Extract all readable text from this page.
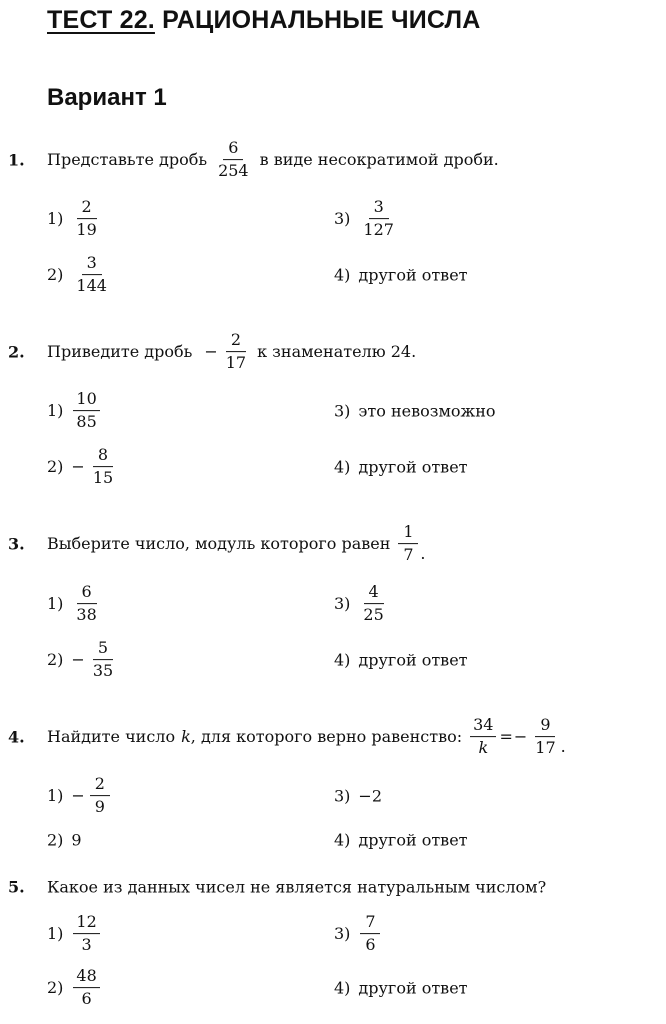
ТЕСТ 22. РАЦИОНАЛЬНЫЕ ЧИСЛА
Вариант 1
1. Представьте дробь $\frac{6}{254}$ в виде несократимой дроби.
$1) \frac{2}{19}$	$3) \frac{3}{127}$
$2) \frac{3}{144}$	4) другой ответ
2. Приведите дробь − $\frac{2}{17}$ к знаменателю 24.
$1) \frac{10}{85}$	3) это невозможно
$2) - \frac{8}{15}$	4) другой ответ
3. Выберите число, модуль которого равен $\frac{1}{7}$ .
$1) \frac{6}{38}$	$3) \frac{4}{25}$
$2) - \frac{5}{35}$	4) другой ответ
4. Найдите число k , для которого верно равенство: $\frac{34}{k}$ = − $\frac{9}{17}$ .
$1) - \frac{2}{9}$	3) −2
2) 9	4) другой ответ
5. Какое из данных чисел не является натуральным числом?
$1) \frac{12}{3}$	$3) \frac{7}{6}$
$2) \frac{48}{6}$	4) другой ответ
